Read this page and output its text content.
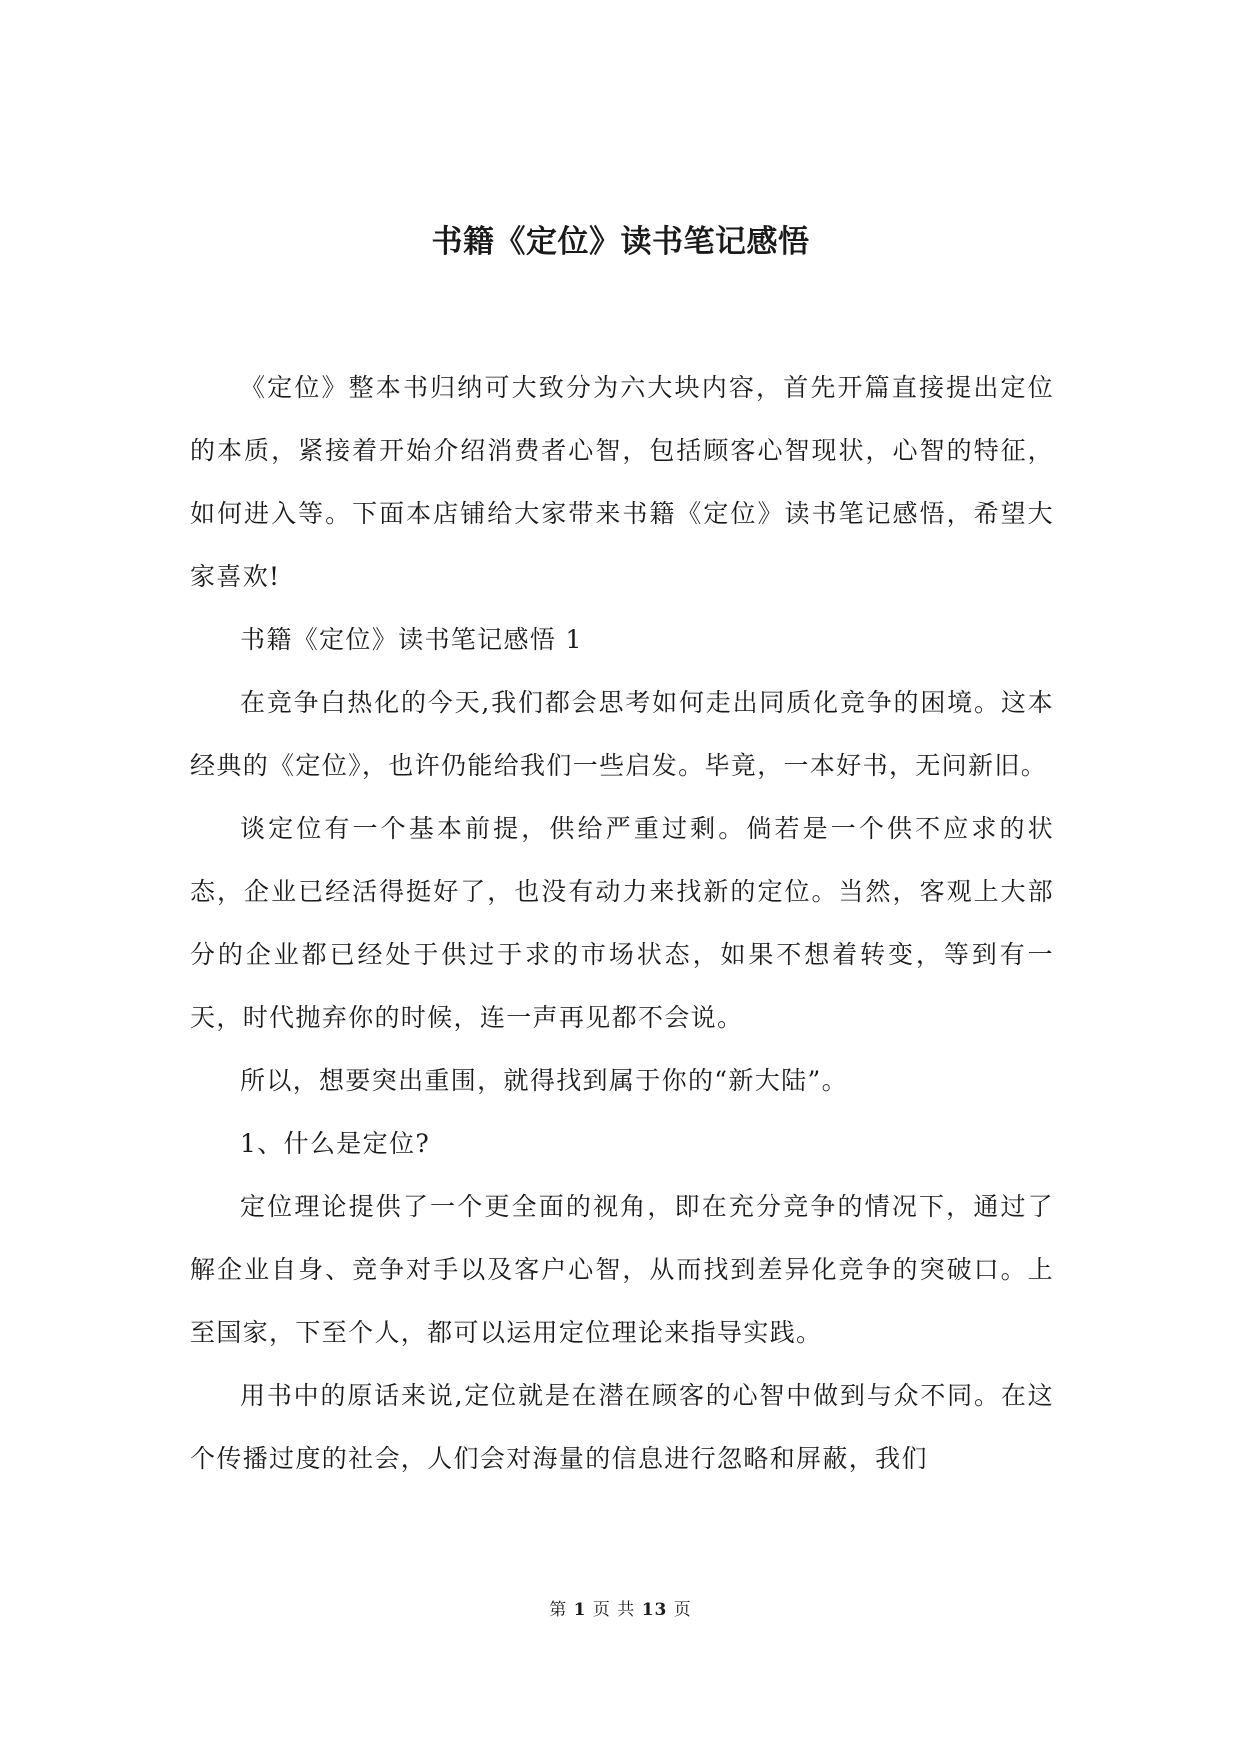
书籍《定位》读书笔记感悟

《定位》整本书归纳可大致分为六大块内容，首先开篇直接提出定位的本质，紧接着开始介绍消费者心智，包括顾客心智现状，心智的特征，如何进入等。下面本店铺给大家带来书籍《定位》读书笔记感悟，希望大家喜欢!

书籍《定位》读书笔记感悟 1

在竞争白热化的今天,我们都会思考如何走出同质化竞争的困境。这本经典的《定位》，也许仍能给我们一些启发。毕竟，一本好书，无问新旧。

谈定位有一个基本前提，供给严重过剩。倘若是一个供不应求的状态，企业已经活得挺好了，也没有动力来找新的定位。当然，客观上大部分的企业都已经处于供过于求的市场状态，如果不想着转变，等到有一天，时代抛弃你的时候，连一声再见都不会说。

所以，想要突出重围，就得找到属于你的“新大陆”。

1、什么是定位?

定位理论提供了一个更全面的视角，即在充分竞争的情况下，通过了解企业自身、竞争对手以及客户心智，从而找到差异化竞争的突破口。上至国家，下至个人，都可以运用定位理论来指导实践。

用书中的原话来说,定位就是在潜在顾客的心智中做到与众不同。在这个传播过度的社会，人们会对海量的信息进行忽略和屏蔽，我们

第 1 页 共 13 页
